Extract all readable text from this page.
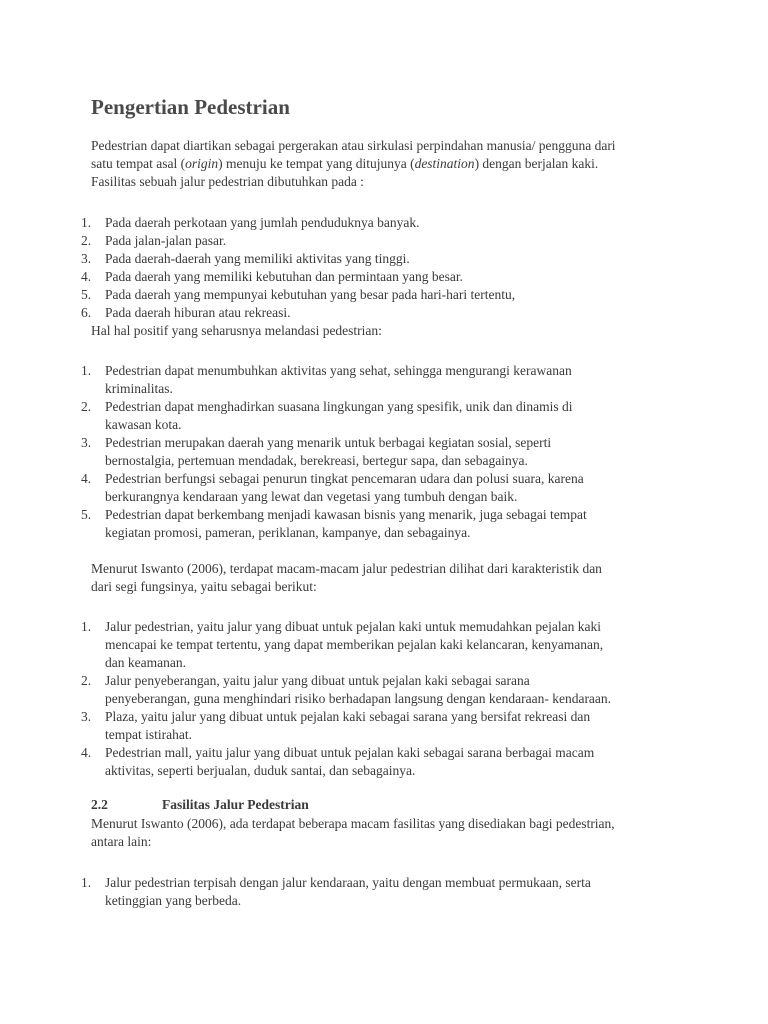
Pengertian Pedestrian
Pedestrian dapat diartikan sebagai pergerakan atau sirkulasi perpindahan manusia/ pengguna dari
satu tempat asal (origin) menuju ke tempat yang ditujunya (destination) dengan berjalan kaki.
Fasilitas sebuah jalur pedestrian dibutuhkan pada :
1. Pada daerah perkotaan yang jumlah penduduknya banyak.
2. Pada jalan-jalan pasar.
3. Pada daerah-daerah yang memiliki aktivitas yang tinggi.
4. Pada daerah yang memiliki kebutuhan dan permintaan yang besar.
5. Pada daerah yang mempunyai kebutuhan yang besar pada hari-hari tertentu,
6. Pada daerah hiburan atau rekreasi.
Hal hal positif yang seharusnya melandasi pedestrian:
1. Pedestrian dapat menumbuhkan aktivitas yang sehat, sehingga mengurangi kerawanan
kriminalitas.
2. Pedestrian dapat menghadirkan suasana lingkungan yang spesifik, unik dan dinamis di
kawasan kota.
3. Pedestrian merupakan daerah yang menarik untuk berbagai kegiatan sosial, seperti
bernostalgia, pertemuan mendadak, berekreasi, bertegur sapa, dan sebagainya.
4. Pedestrian berfungsi sebagai penurun tingkat pencemaran udara dan polusi suara, karena
berkurangnya kendaraan yang lewat dan vegetasi yang tumbuh dengan baik.
5. Pedestrian dapat berkembang menjadi kawasan bisnis yang menarik, juga sebagai tempat
kegiatan promosi, pameran, periklanan, kampanye, dan sebagainya.
Menurut Iswanto (2006), terdapat macam-macam jalur pedestrian dilihat dari karakteristik dan
dari segi fungsinya, yaitu sebagai berikut:
1. Jalur pedestrian, yaitu jalur yang dibuat untuk pejalan kaki untuk memudahkan pejalan kaki
mencapai ke tempat tertentu, yang dapat memberikan pejalan kaki kelancaran, kenyamanan,
dan keamanan.
2. Jalur penyeberangan, yaitu jalur yang dibuat untuk pejalan kaki sebagai sarana
penyeberangan, guna menghindari risiko berhadapan langsung dengan kendaraan- kendaraan.
3. Plaza, yaitu jalur yang dibuat untuk pejalan kaki sebagai sarana yang bersifat rekreasi dan
tempat istirahat.
4. Pedestrian mall, yaitu jalur yang dibuat untuk pejalan kaki sebagai sarana berbagai macam
aktivitas, seperti berjualan, duduk santai, dan sebagainya.
2.2	Fasilitas Jalur Pedestrian
Menurut Iswanto (2006), ada terdapat beberapa macam fasilitas yang disediakan bagi pedestrian,
antara lain:
1. Jalur pedestrian terpisah dengan jalur kendaraan, yaitu dengan membuat permukaan, serta
ketinggian yang berbeda.
